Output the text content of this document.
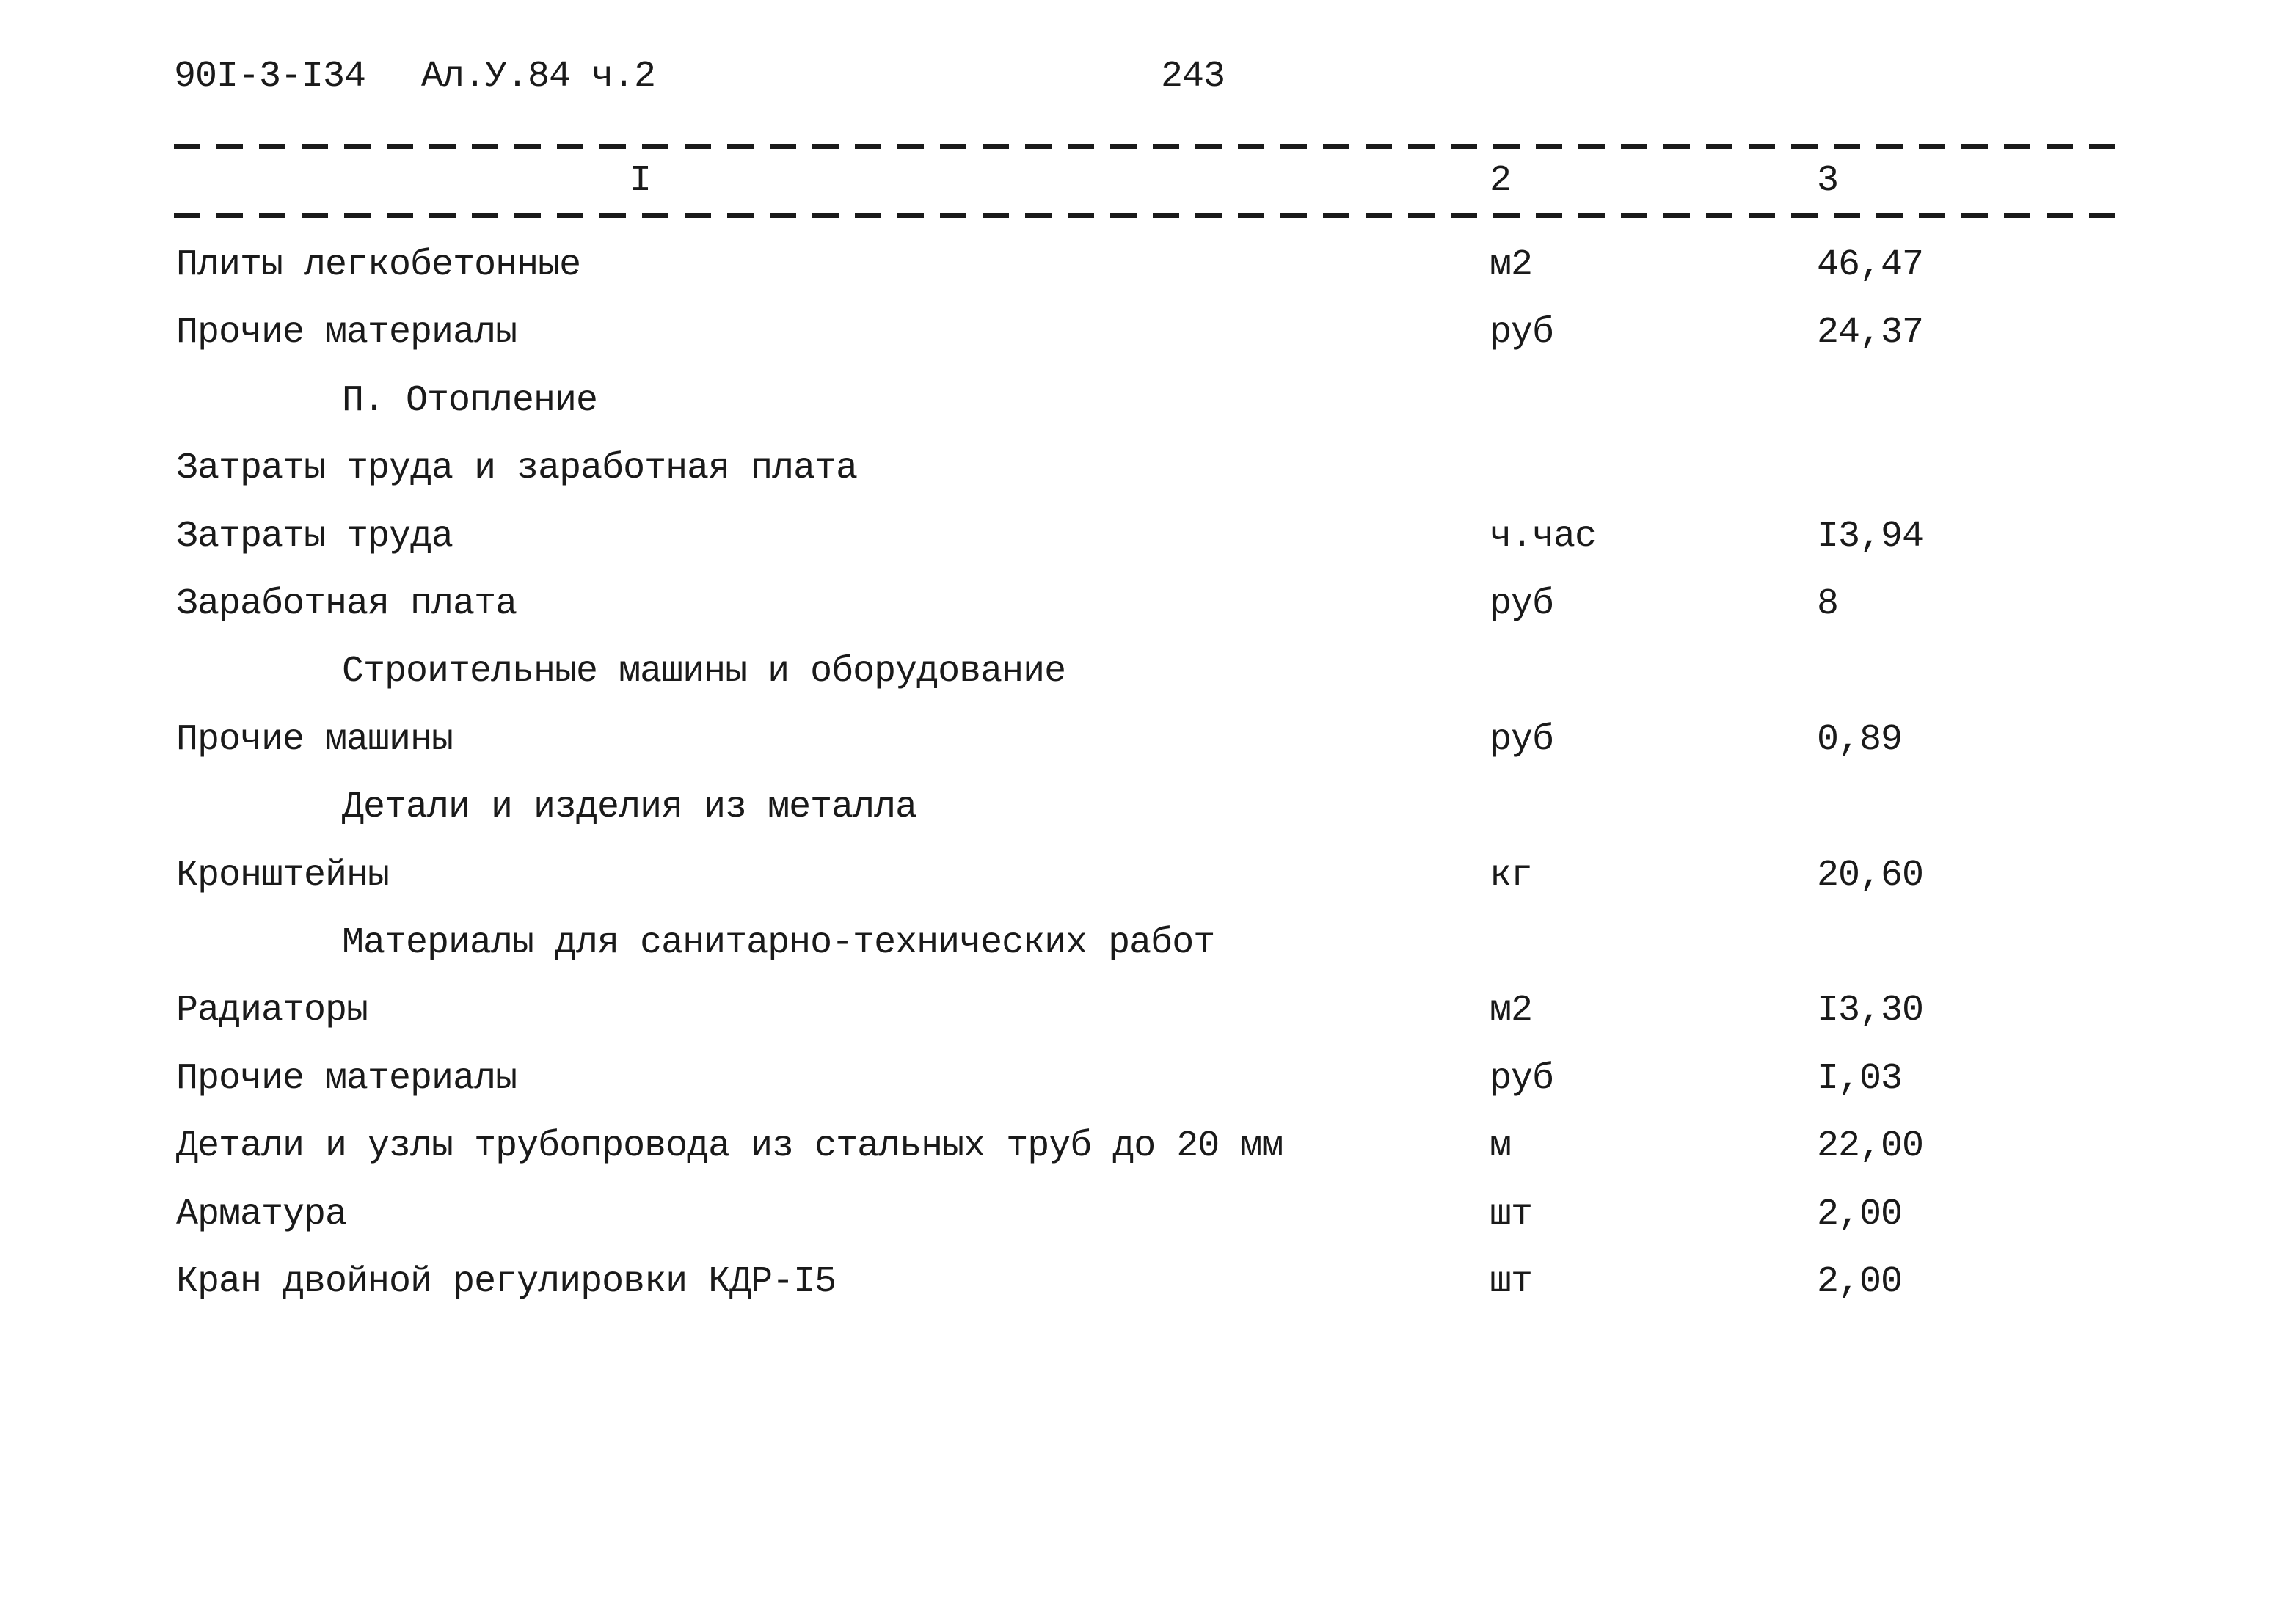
90I-3-I34 Ал.У.84 ч.2	243
I	2	3
Плиты легкобетонные	м2	46,47
Прочие материалы	руб	24,37
П. Отопление
Затраты труда и заработная плата
Затраты труда	ч.час	I3,94
Заработная плата	руб	8
Строительные машины и оборудование
Прочие машины	руб	0,89
Детали и изделия из металла
Кронштейны	кг	20,60
Материалы для санитарно-технических работ
Радиаторы	м2	I3,30
Прочие материалы	руб	I,03
Детали и узлы трубопровода из стальных труб до 20 мм	м	22,00
Арматура	шт	2,00
Кран двойной регулировки КДР-I5	шт	2,00
